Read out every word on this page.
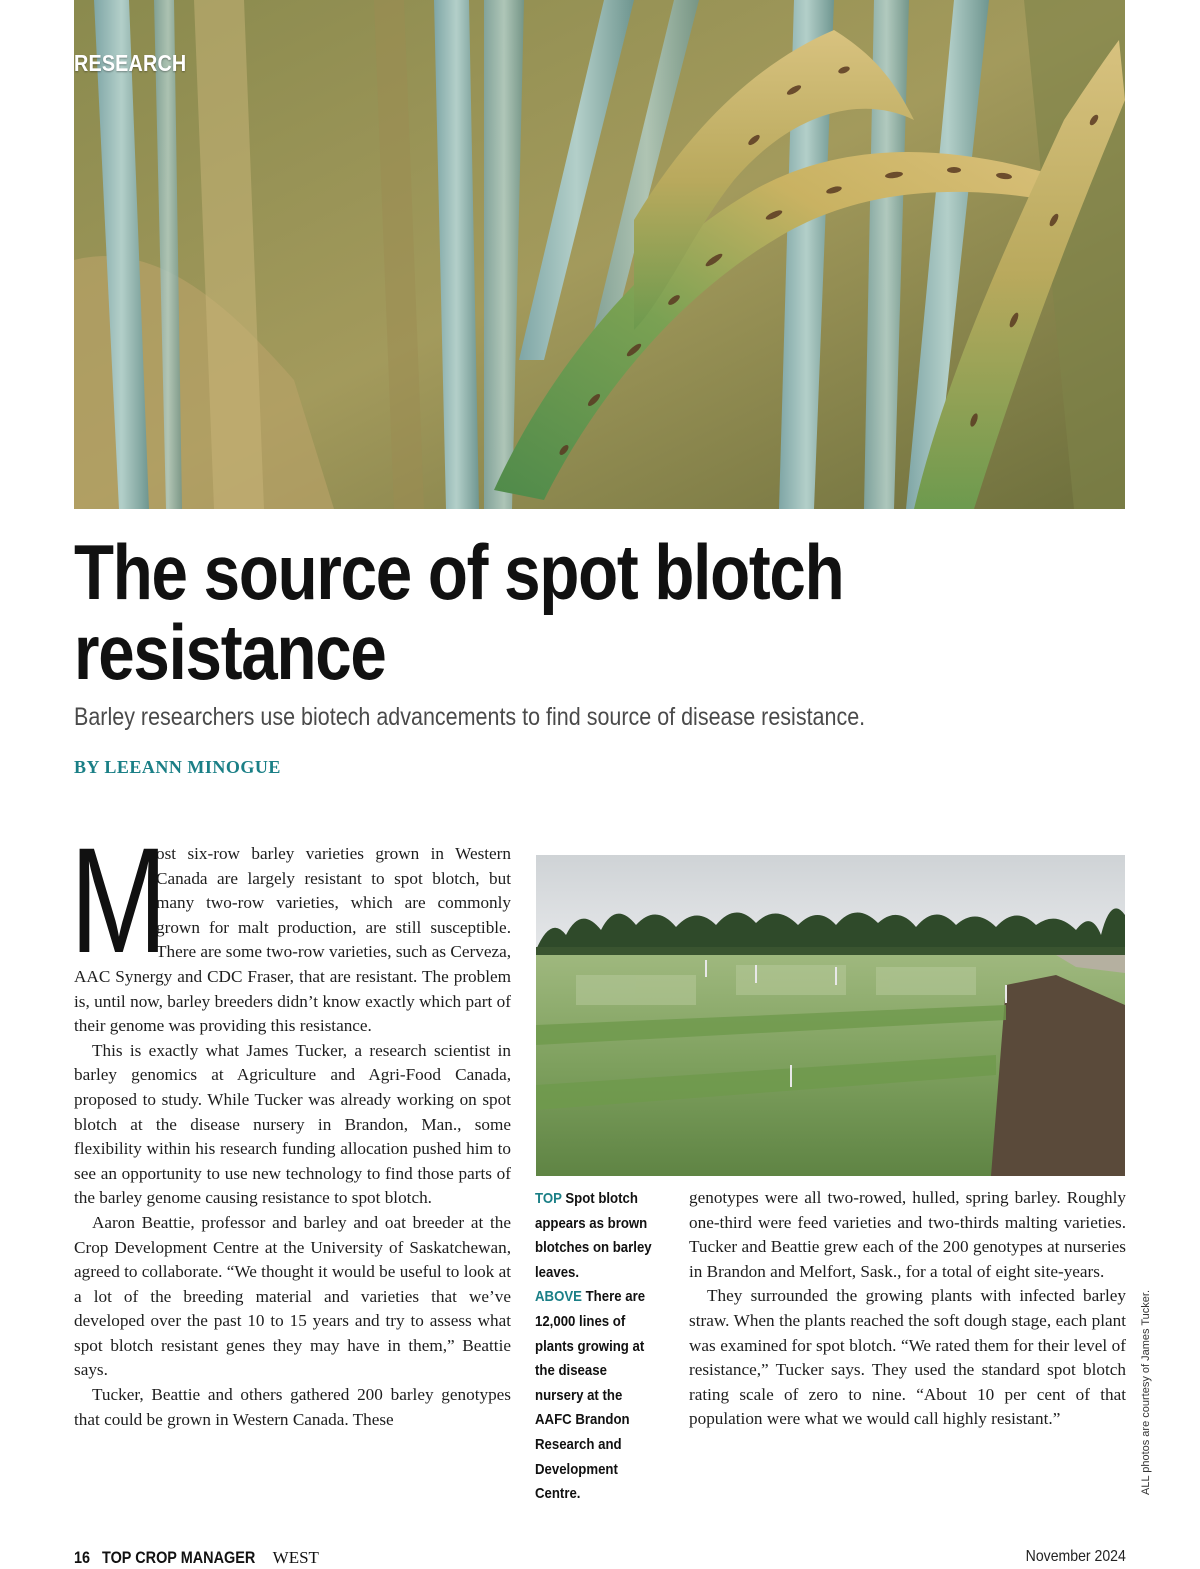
RESEARCH
The source of spot blotch resistance
Barley researchers use biotech advancements to find source of disease resistance.
BY LEEANN MINOGUE

M
ost six-row barley varieties grown in Western Canada are largely resistant to spot blotch, but many two-row varieties, which are commonly grown for malt production, are still susceptible. There are some two-row varieties, such as Cerveza, AAC Synergy and CDC Fraser, that are resistant. The problem is, until now, barley breeders didn’t know exactly which part of their genome was providing this resistance.

This is exactly what James Tucker, a research scientist in barley genomics at Agriculture and Agri-Food Canada, proposed to study. While Tucker was already working on spot blotch at the disease nursery in Brandon, Man., some flexibility within his research funding allocation pushed him to see an opportunity to use new technology to find those parts of the barley genome causing resistance to spot blotch.

Aaron Beattie, professor and barley and oat breeder at the Crop Development Centre at the University of Saskatchewan, agreed to collaborate. “We thought it would be useful to look at a lot of the breeding material and varieties that we’ve developed over the past 10 to 15 years and try to assess what spot blotch resistant genes they may have in them,” Beattie says.

Tucker, Beattie and others gathered 200 barley genotypes that could be grown in Western Canada. These

TOP Spot blotch appears as brown blotches on barley leaves.
ABOVE There are 12,000 lines of plants growing at the disease nursery at the AAFC Brandon Research and Development Centre.

genotypes were all two-rowed, hulled, spring barley. Roughly one-third were feed varieties and two-thirds malting varieties. Tucker and Beattie grew each of the 200 genotypes at nurseries in Brandon and Melfort, Sask., for a total of eight site-years.

They surrounded the growing plants with infected barley straw. When the plants reached the soft dough stage, each plant was examined for spot blotch. “We rated them for their level of resistance,” Tucker says. They used the standard spot blotch rating scale of zero to nine. “About 10 per cent of that population were what we would call highly resistant.”	ALL photos are courtesy of James Tucker.
16 TOP CROP MANAGER WEST	November 2024
